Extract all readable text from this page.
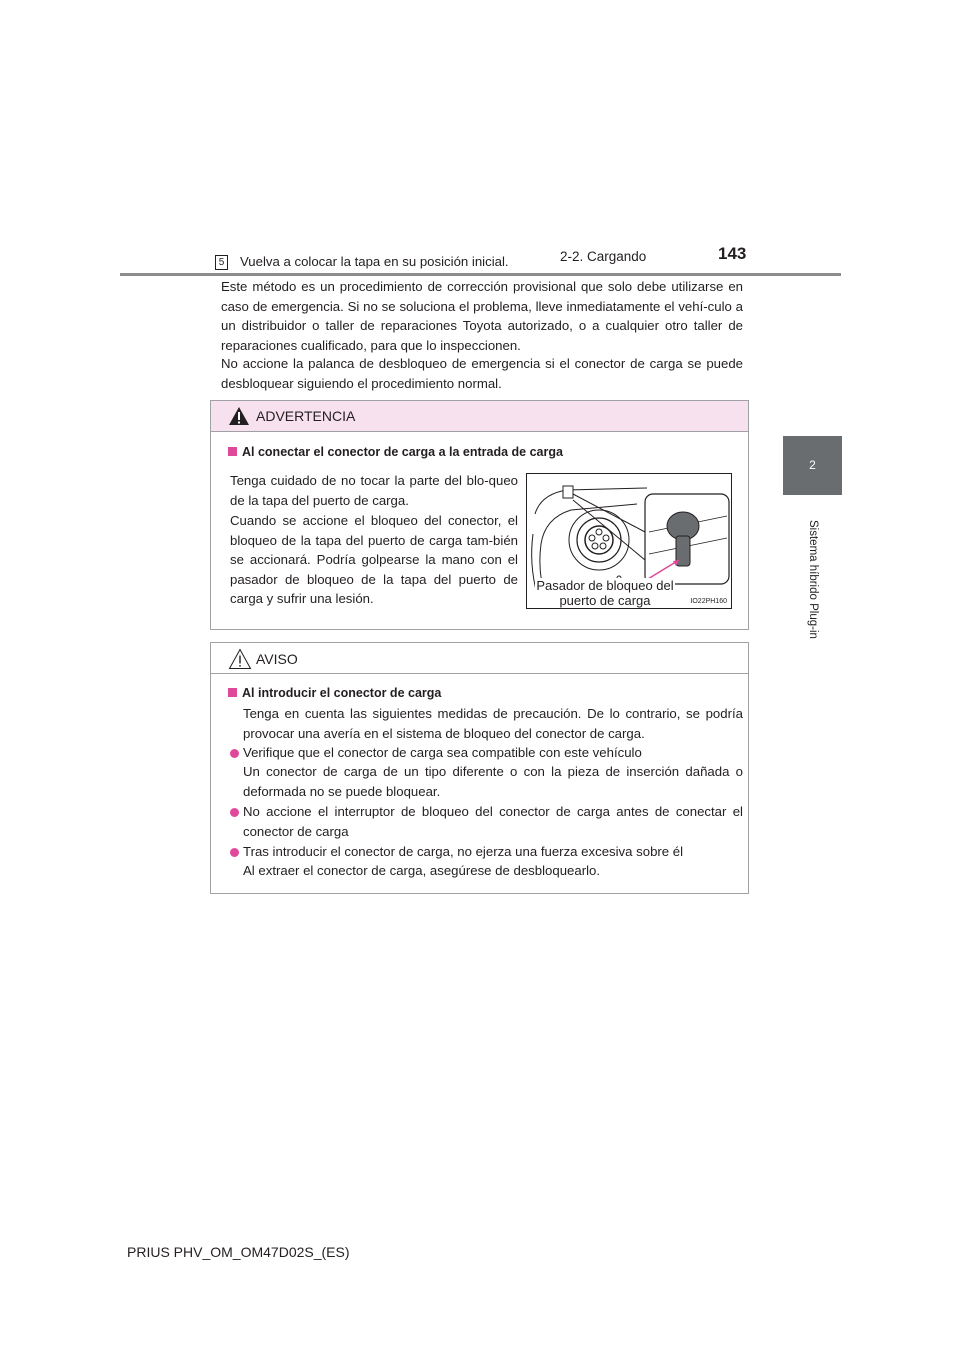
2-2. Cargando	143
2
Sistema híbrido Plug-in
5 Vuelva a colocar la tapa en su posición inicial.
Este método es un procedimiento de corrección provisional que solo debe utilizarse en caso de emergencia. Si no se soluciona el problema, lleve inmediatamente el vehí-culo a un distribuidor o taller de reparaciones Toyota autorizado, o a cualquier otro taller de reparaciones cualificado, para que lo inspeccionen.
No accione la palanca de desbloqueo de emergencia si el conector de carga se puede desbloquear siguiendo el procedimiento normal.
ADVERTENCIA
Al conectar el conector de carga a la entrada de carga
Tenga cuidado de no tocar la parte del blo-queo de la tapa del puerto de carga.
Cuando se accione el bloqueo del conector, el bloqueo de la tapa del puerto de carga tam-bién se accionará. Podría golpearse la mano con el pasador de bloqueo de la tapa del puerto de carga y sufrir una lesión.
Pasador de bloqueo del puerto de carga	IO22PH160
AVISO
Al introducir el conector de carga
Tenga en cuenta las siguientes medidas de precaución. De lo contrario, se podría provocar una avería en el sistema de bloqueo del conector de carga.
Verifique que el conector de carga sea compatible con este vehículo
Un conector de carga de un tipo diferente o con la pieza de inserción dañada o deformada no se puede bloquear.
No accione el interruptor de bloqueo del conector de carga antes de conectar el conector de carga
Tras introducir el conector de carga, no ejerza una fuerza excesiva sobre él
Al extraer el conector de carga, asegúrese de desbloquearlo.
PRIUS PHV_OM_OM47D02S_(ES)
